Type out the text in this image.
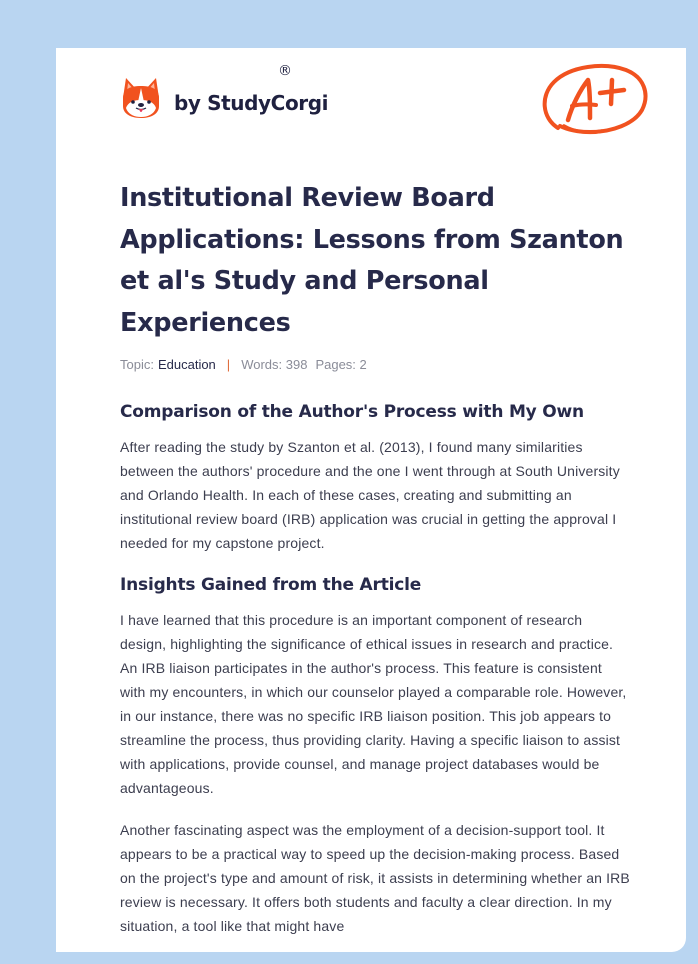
by StudyCorgi
®
Institutional Review Board Applications: Lessons from Szanton et al's Study and Personal Experiences
Topic: Education | Words: 398 Pages: 2
Comparison of the Author's Process with My Own

After reading the study by Szanton et al. (2013), I found many similarities between the authors' procedure and the one I went through at South University and Orlando Health. In each of these cases, creating and submitting an institutional review board (IRB) application was crucial in getting the approval I needed for my capstone project.

Insights Gained from the Article

I have learned that this procedure is an important component of research design, highlighting the significance of ethical issues in research and practice. An IRB liaison participates in the author's process. This feature is consistent with my encounters, in which our counselor played a comparable role. However, in our instance, there was no specific IRB liaison position. This job appears to streamline the process, thus providing clarity. Having a specific liaison to assist with applications, provide counsel, and manage project databases would be advantageous.

Another fascinating aspect was the employment of a decision-support tool. It appears to be a practical way to speed up the decision-making process. Based on the project's type and amount of risk, it assists in determining whether an IRB review is necessary. It offers both students and faculty a clear direction. In my situation, a tool like that might have
